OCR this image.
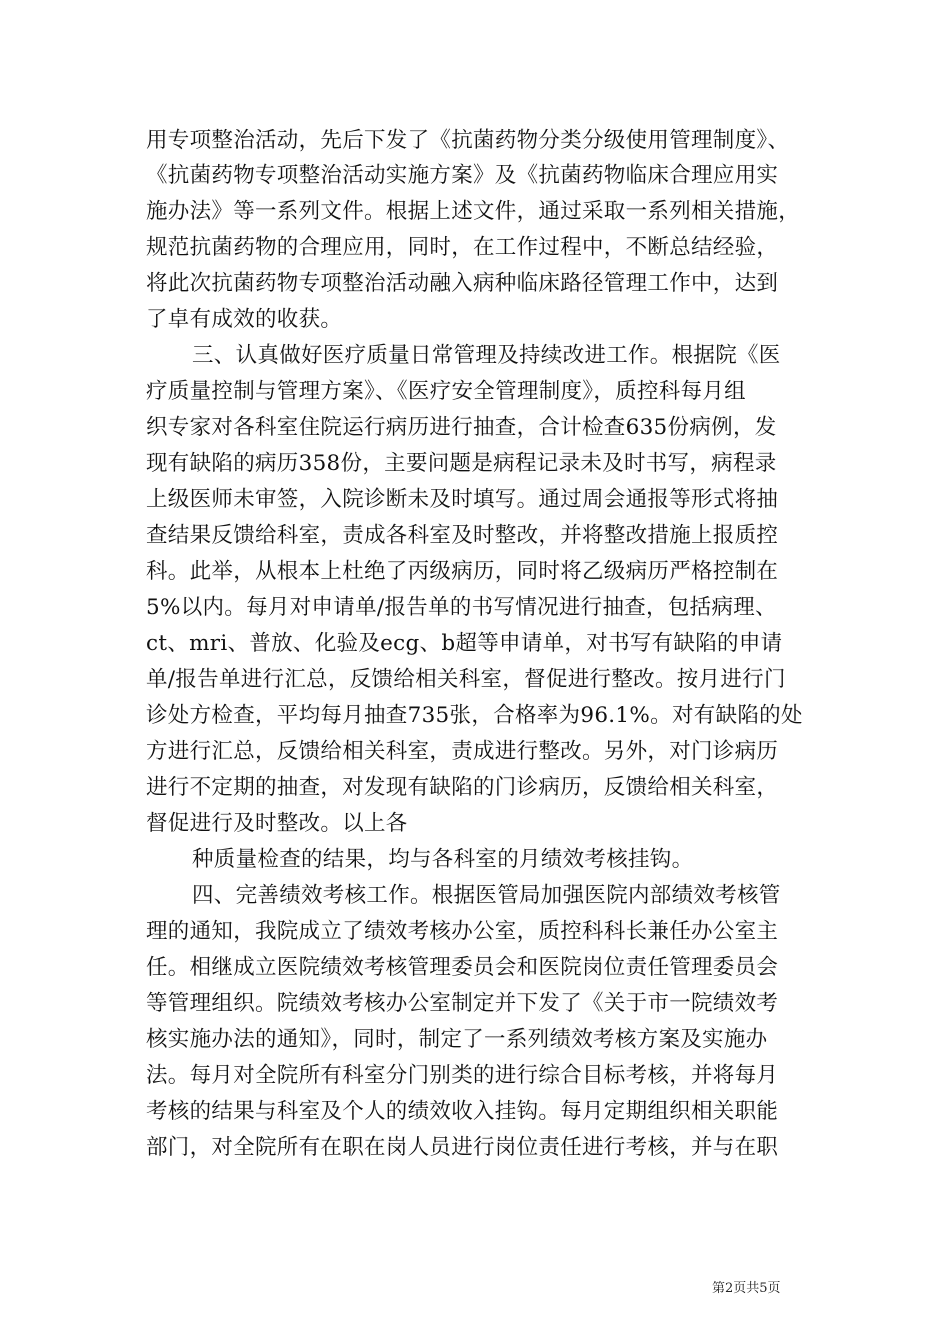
用专项整治活动，先后下发了《抗菌药物分类分级使用管理制度》、
《抗菌药物专项整治活动实施方案》及《抗菌药物临床合理应用实
施办法》等一系列文件。根据上述文件，通过采取一系列相关措施，
规范抗菌药物的合理应用，同时，在工作过程中，不断总结经验，
将此次抗菌药物专项整治活动融入病种临床路径管理工作中，达到
了卓有成效的收获。
三、认真做好医疗质量日常管理及持续改进工作。根据院《医
疗质量控制与管理方案》、《医疗安全管理制度》，质控科每月组
织专家对各科室住院运行病历进行抽查，合计检查635份病例，发
现有缺陷的病历358份，主要问题是病程记录未及时书写，病程录
上级医师未审签，入院诊断未及时填写。通过周会通报等形式将抽
查结果反馈给科室，责成各科室及时整改，并将整改措施上报质控
科。此举，从根本上杜绝了丙级病历，同时将乙级病历严格控制在
5%以内。每月对申请单/报告单的书写情况进行抽查，包括病理、
ct、mri、普放、化验及ecg、b超等申请单，对书写有缺陷的申请
单/报告单进行汇总，反馈给相关科室，督促进行整改。按月进行门
诊处方检查，平均每月抽查735张，合格率为96.1%。对有缺陷的处
方进行汇总，反馈给相关科室，责成进行整改。另外，对门诊病历
进行不定期的抽查，对发现有缺陷的门诊病历，反馈给相关科室，
督促进行及时整改。以上各
种质量检查的结果，均与各科室的月绩效考核挂钩。
四、完善绩效考核工作。根据医管局加强医院内部绩效考核管
理的通知，我院成立了绩效考核办公室，质控科科长兼任办公室主
任。相继成立医院绩效考核管理委员会和医院岗位责任管理委员会
等管理组织。院绩效考核办公室制定并下发了《关于市一院绩效考
核实施办法的通知》，同时，制定了一系列绩效考核方案及实施办
法。每月对全院所有科室分门别类的进行综合目标考核，并将每月
考核的结果与科室及个人的绩效收入挂钩。每月定期组织相关职能
部门，对全院所有在职在岗人员进行岗位责任进行考核，并与在职
第2页共5页
